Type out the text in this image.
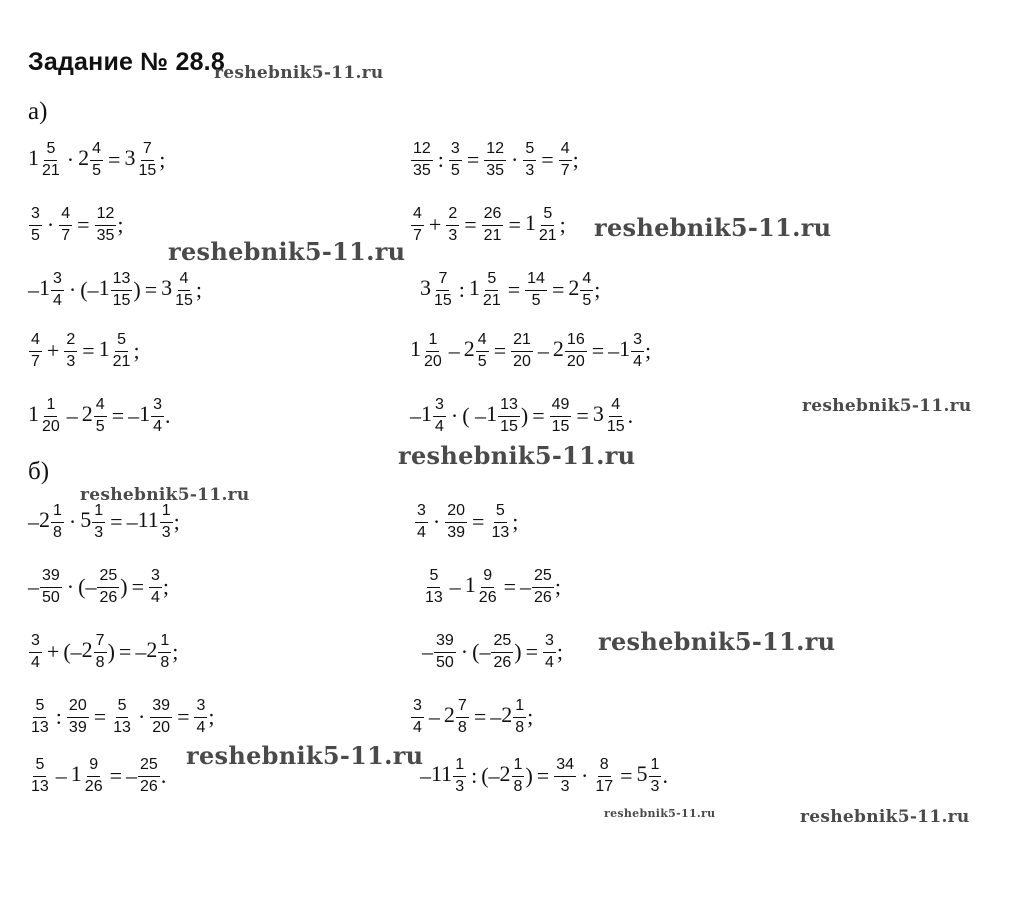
Задание № 28.8
а)
б)
$1 \frac{5}{21} \cdot 2 \frac{4}{5} = 3 \frac{7}{15}$ ;
$\frac{3}{5} \cdot \frac{4}{7} = \frac{12}{35}$ ;
– $1 \frac{3}{4}$ · (– $1 \frac{13}{15}$ ) = $3 \frac{4}{15}$ ;
$\frac{4}{7} + \frac{2}{3} = 1 \frac{5}{21}$ ;
$1 \frac{1}{20} - 2 \frac{4}{5}$ = – $1 \frac{3}{4}$ .
$\frac{12}{35}$ : $\frac{3}{5} = \frac{12}{35} \cdot \frac{5}{3} = \frac{4}{7}$ ;
$\frac{4}{7} + \frac{2}{3} = \frac{26}{21} = 1 \frac{5}{21}$ ;
$3 \frac{7}{15}$ : $1 \frac{5}{21} = \frac{14}{5} = 2 \frac{4}{5}$ ;
$1 \frac{1}{20} - 2 \frac{4}{5} = \frac{21}{20} - 2 \frac{16}{20}$ = – $1 \frac{3}{4}$ ;
– $1 \frac{3}{4}$ · ( – $1 \frac{13}{15}$ ) = $\frac{49}{15} = 3 \frac{4}{15}$ .
– $2 \frac{1}{8} \cdot 5 \frac{1}{3}$ = – $11 \frac{1}{3}$ ;
– $\frac{39}{50}$ · (– $\frac{25}{26}$ ) = $\frac{3}{4}$ ;
$\frac{3}{4}$ + (– $2 \frac{7}{8}$ ) = – $2 \frac{1}{8}$ ;
$\frac{5}{13}$ : $\frac{20}{39} = \frac{5}{13} \cdot \frac{39}{20} = \frac{3}{4}$ ;
$\frac{5}{13} - 1 \frac{9}{26}$ = – $\frac{25}{26}$ .
$\frac{3}{4} \cdot \frac{20}{39} = \frac{5}{13}$ ;
$\frac{5}{13} - 1 \frac{9}{26}$ = – $\frac{25}{26}$ ;
– $\frac{39}{50}$ · (– $\frac{25}{26}$ ) = $\frac{3}{4}$ ;
$\frac{3}{4} - 2 \frac{7}{8}$ = – $2 \frac{1}{8}$ ;
– $11 \frac{1}{3}$ : (– $2 \frac{1}{8}$ ) = $\frac{34}{3} \cdot \frac{8}{17} = 5 \frac{1}{3}$ .
reshebnik5-11.ru
reshebnik5-11.ru
reshebnik5-11.ru
reshebnik5-11.ru
reshebnik5-11.ru
reshebnik5-11.ru
reshebnik5-11.ru
reshebnik5-11.ru
reshebnik5-11.ru	reshebnik5-11.ru
